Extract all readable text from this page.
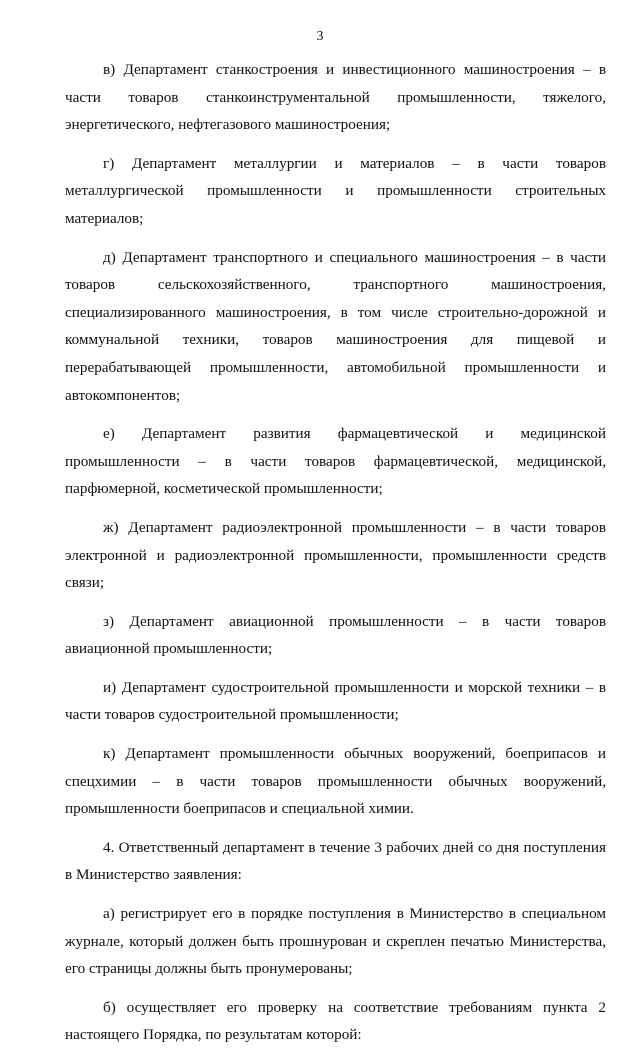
3

в) Департамент станкостроения и инвестиционного машиностроения – в части товаров станкоинструментальной промышленности, тяжелого, энергетического, нефтегазового машиностроения;

г) Департамент металлургии и материалов – в части товаров металлургической промышленности и промышленности строительных материалов;

д) Департамент транспортного и специального машиностроения – в части товаров сельскохозяйственного, транспортного машиностроения, специализированного машиностроения, в том числе строительно-дорожной и коммунальной техники, товаров машиностроения для пищевой и перерабатывающей промышленности, автомобильной промышленности и автокомпонентов;

е) Департамент развития фармацевтической и медицинской промышленности – в части товаров фармацевтической, медицинской, парфюмерной, косметической промышленности;

ж) Департамент радиоэлектронной промышленности – в части товаров электронной и радиоэлектронной промышленности, промышленности средств связи;

з) Департамент авиационной промышленности – в части товаров авиационной промышленности;

и) Департамент судостроительной промышленности и морской техники – в части товаров судостроительной промышленности;

к) Департамент промышленности обычных вооружений, боеприпасов и спецхимии – в части товаров промышленности обычных вооружений, промышленности боеприпасов и специальной химии.

4. Ответственный департамент в течение 3 рабочих дней со дня поступления в Министерство заявления:

а) регистрирует его в порядке поступления в Министерство в специальном журнале, который должен быть прошнурован и скреплен печатью Министерства, его страницы должны быть пронумерованы;

б) осуществляет его проверку на соответствие требованиям пункта 2 настоящего Порядка, по результатам которой:
